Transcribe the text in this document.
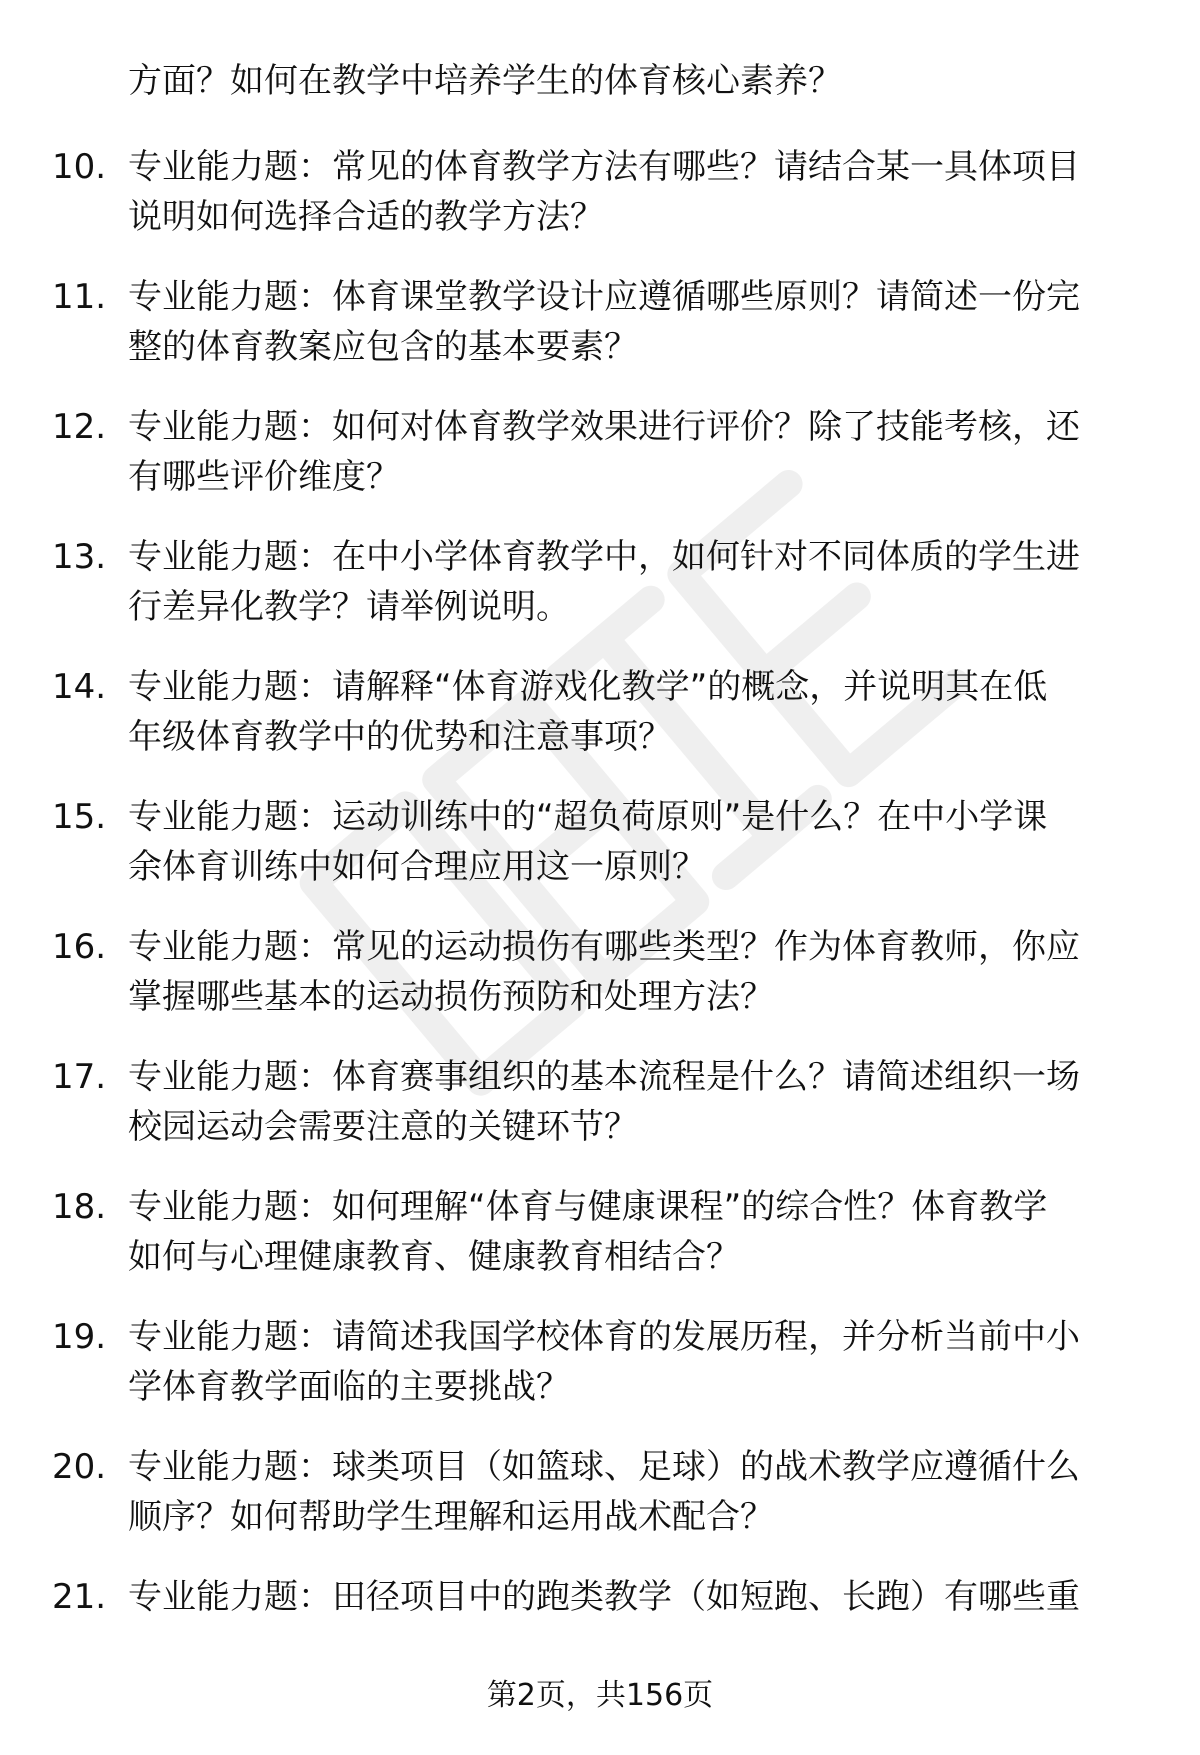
方面？如何在教学中培养学生的体育核心素养？
10. 专业能力题：常见的体育教学方法有哪些？请结合某一具体项目
说明如何选择合适的教学方法？
11. 专业能力题：体育课堂教学设计应遵循哪些原则？请简述一份完
整的体育教案应包含的基本要素？
12. 专业能力题：如何对体育教学效果进行评价？除了技能考核，还
有哪些评价维度？
13. 专业能力题：在中小学体育教学中，如何针对不同体质的学生进
行差异化教学？请举例说明。
14. 专业能力题：请解释“体育游戏化教学”的概念，并说明其在低
年级体育教学中的优势和注意事项？
15. 专业能力题：运动训练中的“超负荷原则”是什么？在中小学课
余体育训练中如何合理应用这一原则？
16. 专业能力题：常见的运动损伤有哪些类型？作为体育教师，你应
掌握哪些基本的运动损伤预防和处理方法？
17. 专业能力题：体育赛事组织的基本流程是什么？请简述组织一场
校园运动会需要注意的关键环节？
18. 专业能力题：如何理解“体育与健康课程”的综合性？体育教学
如何与心理健康教育、健康教育相结合？
19. 专业能力题：请简述我国学校体育的发展历程，并分析当前中小
学体育教学面临的主要挑战？
20. 专业能力题：球类项目（如篮球、足球）的战术教学应遵循什么
顺序？如何帮助学生理解和运用战术配合？
21. 专业能力题：田径项目中的跑类教学（如短跑、长跑）有哪些重
第2页，共156页
